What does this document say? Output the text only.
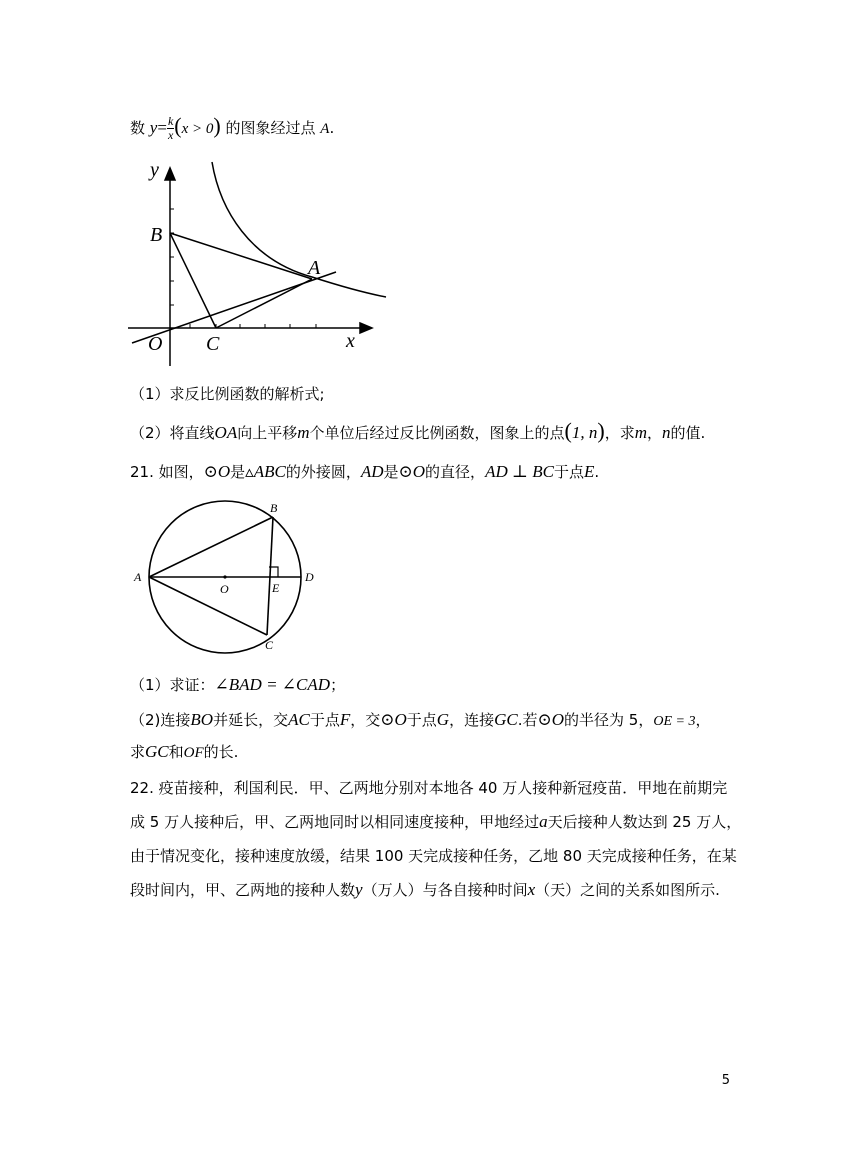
数 $y= \frac{k}{x} (x > 0)$ 的图象经过点 A.
y
x
B
A
O C
（1）求反比例函数的解析式;
（2）将直线OA向上平移m个单位后经过反比例函数，图象上的点(1, n)，求m，n的值.
21. 如图，⊙O是▵ABC的外接圆，AD是⊙O的直径，AD ⊥ BC于点E.
A
B
C
D
E
O
（1）求证：∠BAD = ∠CAD；
（2)连接BO并延长，交AC于点F，交⊙O于点G，连接GC.若⊙O的半径为 5，OE = 3，
求GC和OF的长.
22. 疫苗接种，利国利民．甲、乙两地分别对本地各 40 万人接种新冠疫苗．甲地在前期完
成 5 万人接种后，甲、乙两地同时以相同速度接种，甲地经过a天后接种人数达到 25 万人，
由于情况变化，接种速度放缓，结果 100 天完成接种任务，乙地 80 天完成接种任务，在某
段时间内，甲、乙两地的接种人数y（万人）与各自接种时间x（天）之间的关系如图所示.
5
